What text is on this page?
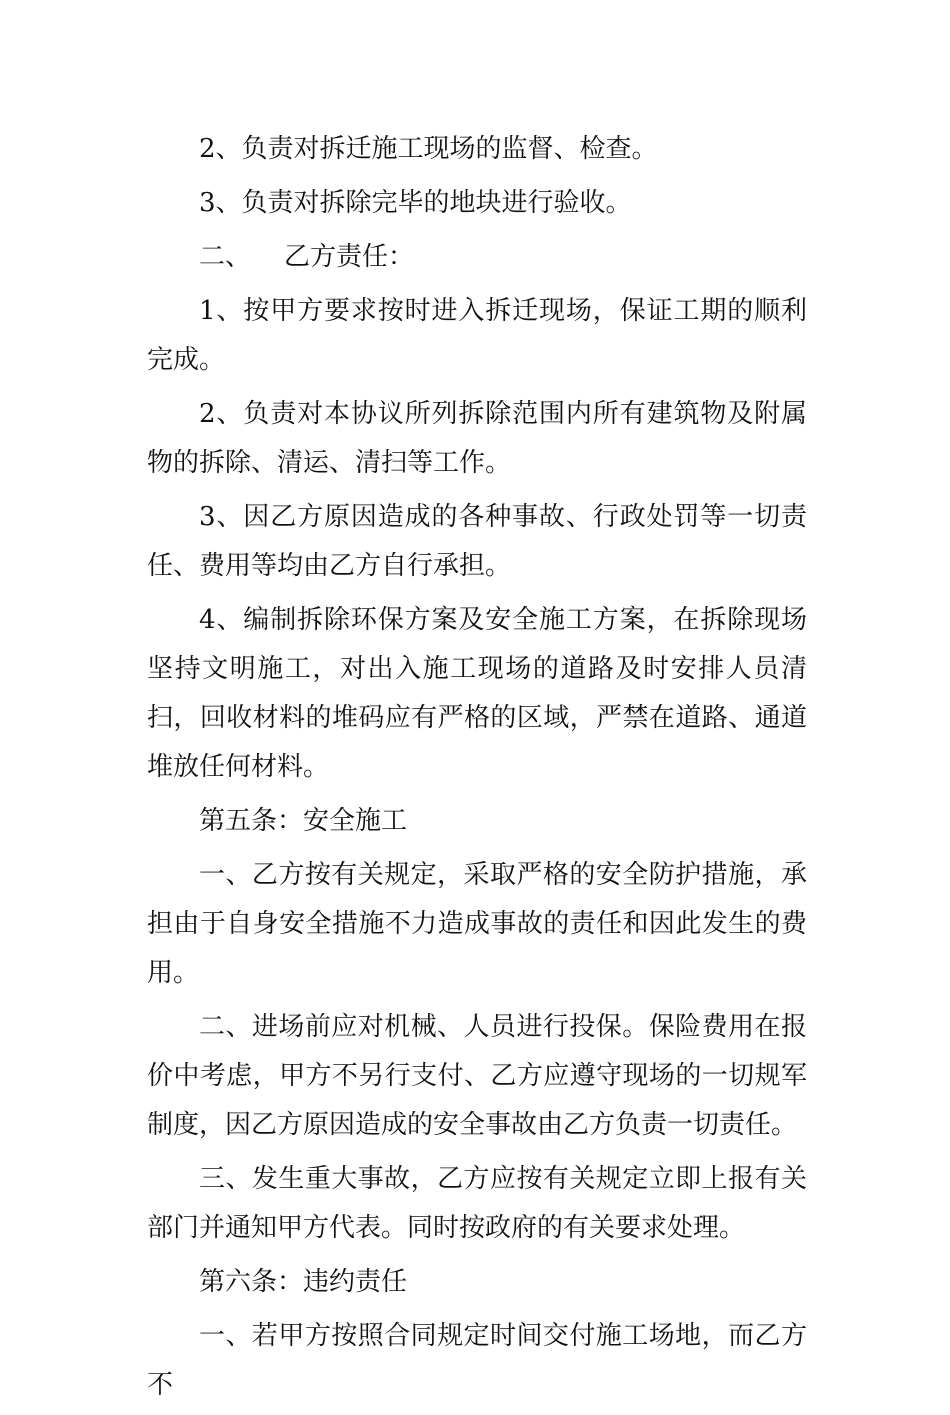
2、负责对拆迁施工现场的监督、检查。

3、负责对拆除完毕的地块进行验收。

二、    乙方责任：

1、按甲方要求按时进入拆迁现场，保证工期的顺利完成。

2、负责对本协议所列拆除范围内所有建筑物及附属物的拆除、清运、清扫等工作。

3、因乙方原因造成的各种事故、行政处罚等一切责任、费用等均由乙方自行承担。

4、编制拆除环保方案及安全施工方案，在拆除现场坚持文明施工，对出入施工现场的道路及时安排人员清扫，回收材料的堆码应有严格的区域，严禁在道路、通道堆放任何材料。

第五条：安全施工

一、乙方按有关规定，采取严格的安全防护措施，承担由于自身安全措施不力造成事故的责任和因此发生的费用。

二、进场前应对机械、人员进行投保。保险费用在报价中考虑，甲方不另行支付、乙方应遵守现场的一切规军制度，因乙方原因造成的安全事故由乙方负责一切责任。

三、发生重大事故，乙方应按有关规定立即上报有关部门并通知甲方代表。同时按政府的有关要求处理。

第六条：违约责任

一、若甲方按照合同规定时间交付施工场地，而乙方不
